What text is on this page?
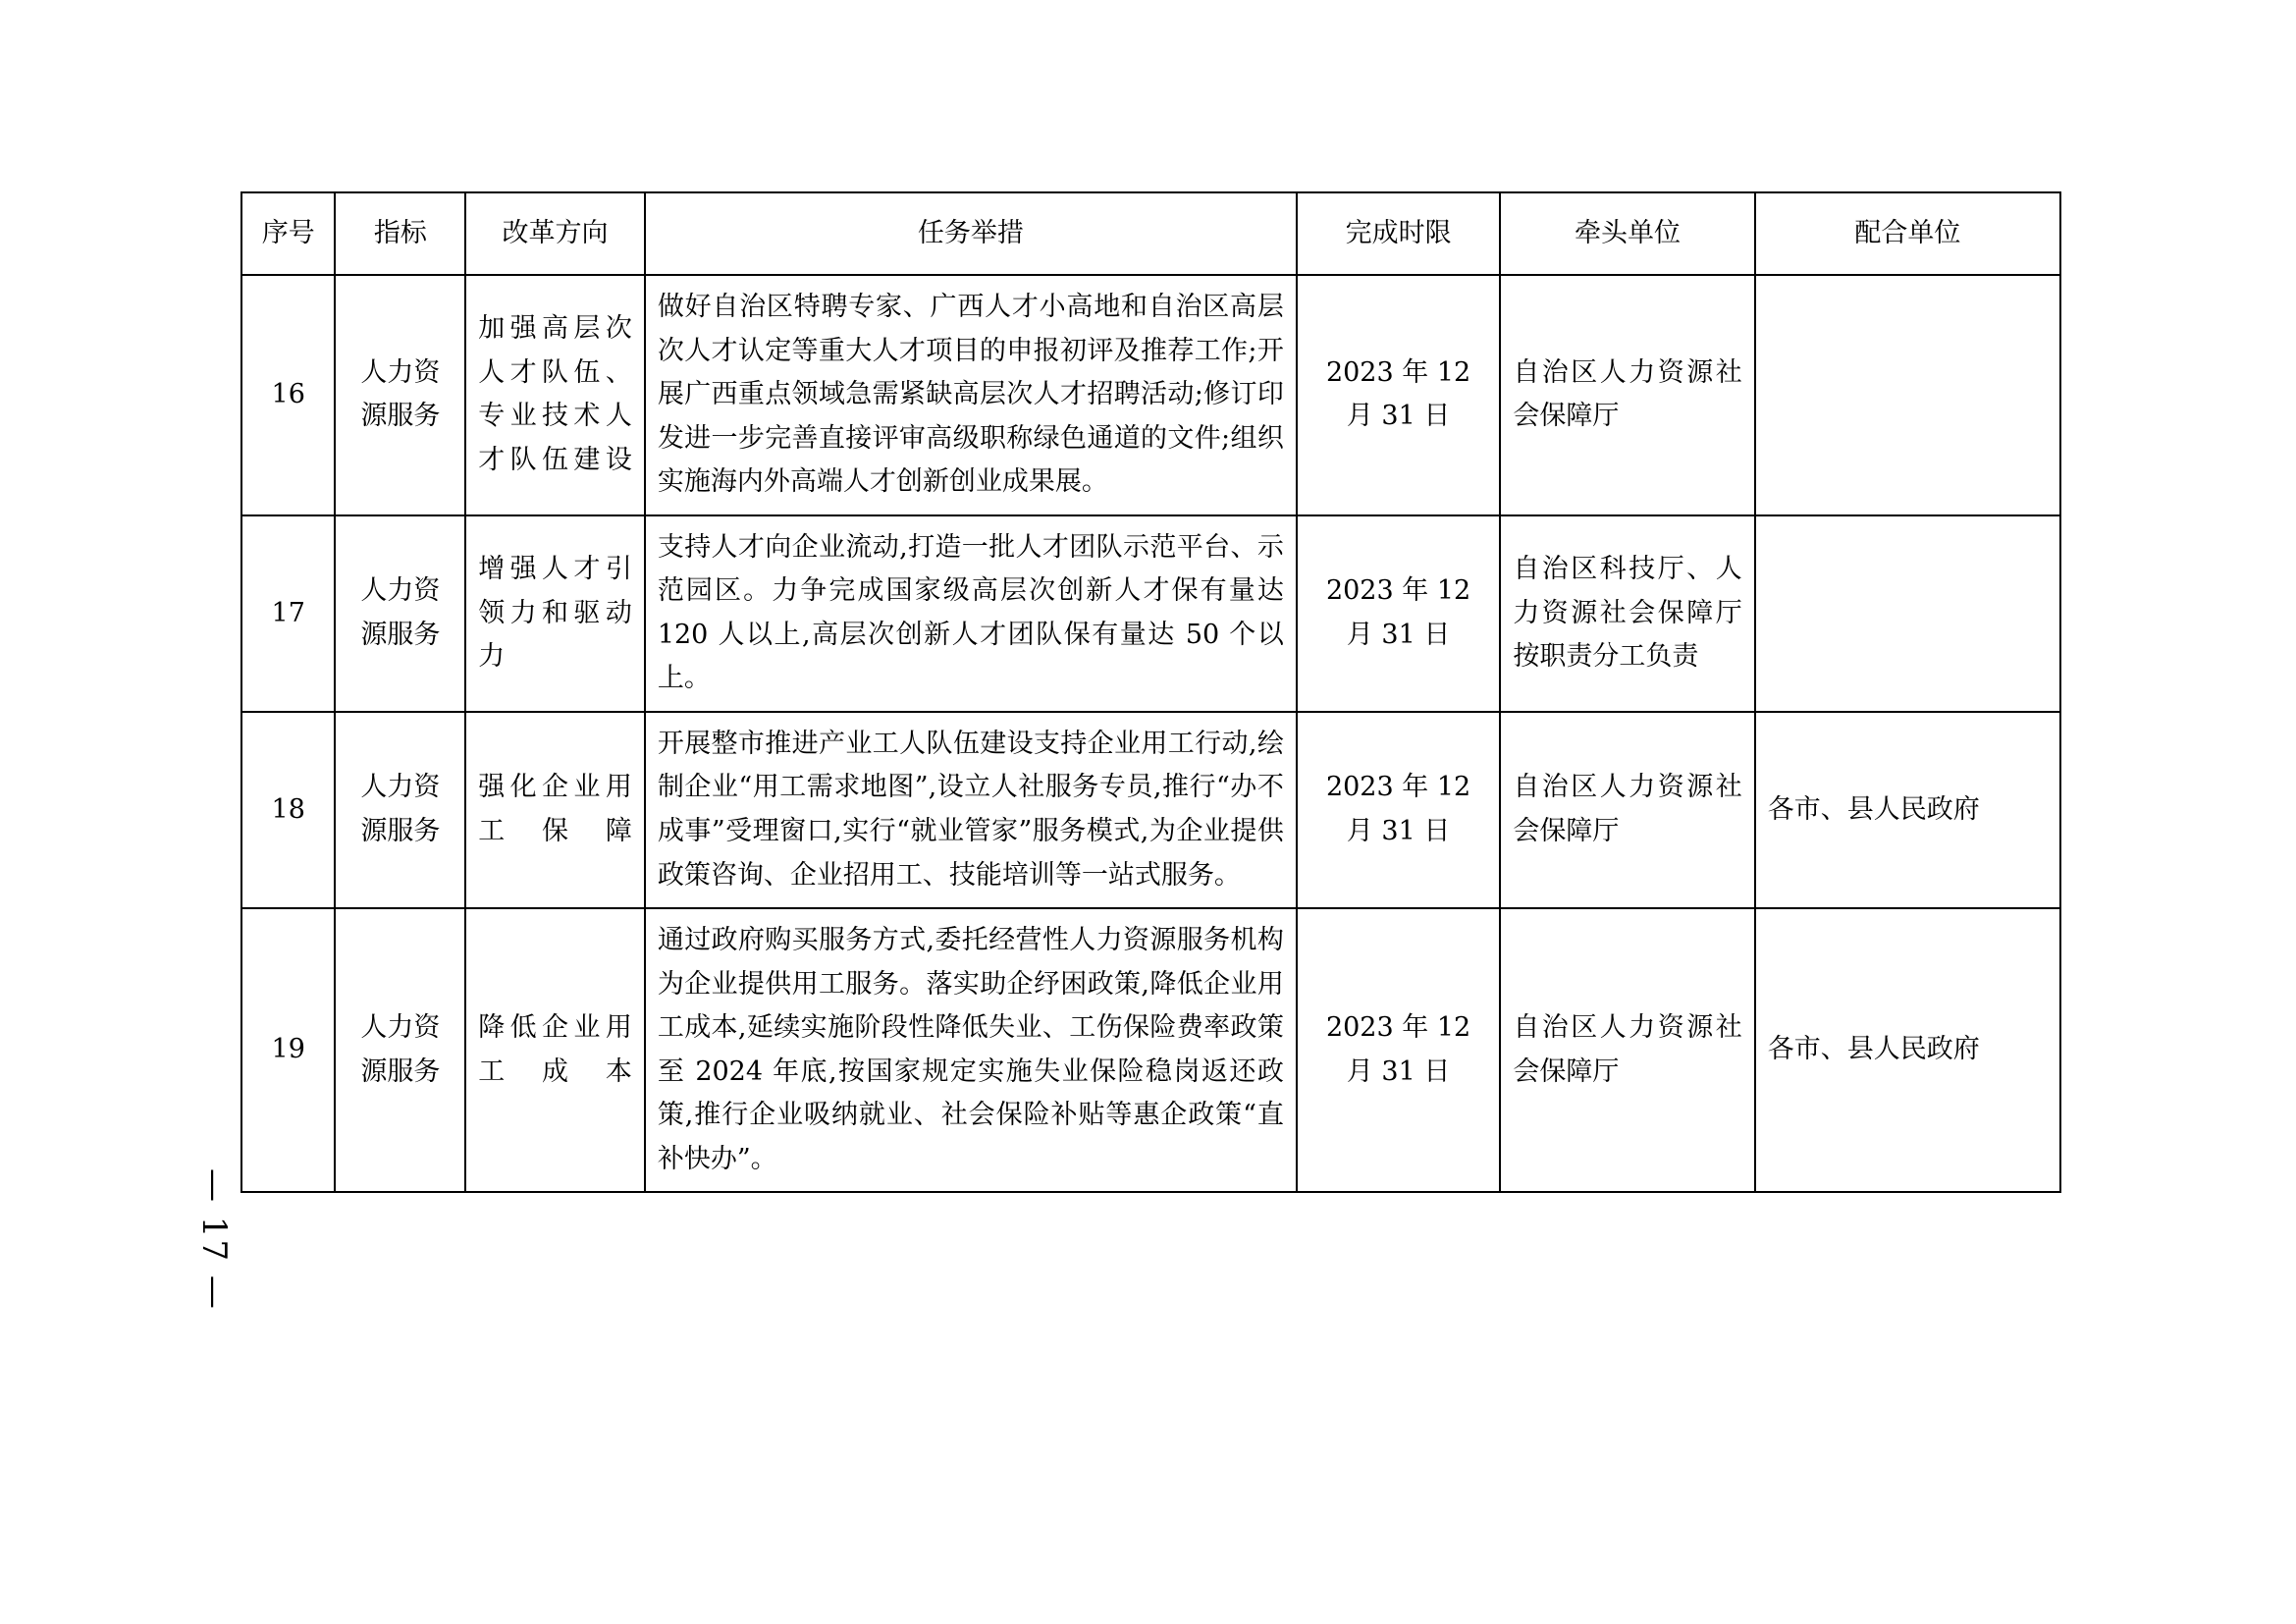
— 17 —
序号	指标	改革方向	任务举措	完成时限	牵头单位	配合单位
16	人力资源服务	加强高层次人才队伍、专业技术人才队伍建设	做好自治区特聘专家、广西人才小高地和自治区高层次人才认定等重大人才项目的申报初评及推荐工作;开展广西重点领域急需紧缺高层次人才招聘活动;修订印发进一步完善直接评审高级职称绿色通道的文件;组织实施海内外高端人才创新创业成果展。	2023 年 12 月 31 日	自治区人力资源社会保障厅	
17	人力资源服务	增强人才引领力和驱动力	支持人才向企业流动,打造一批人才团队示范平台、示范园区。力争完成国家级高层次创新人才保有量达 120 人以上,高层次创新人才团队保有量达 50 个以上。	2023 年 12 月 31 日	自治区科技厅、人力资源社会保障厅按职责分工负责	
18	人力资源服务	强化企业用工保障	开展整市推进产业工人队伍建设支持企业用工行动,绘制企业“用工需求地图”,设立人社服务专员,推行“办不成事”受理窗口,实行“就业管家”服务模式,为企业提供政策咨询、企业招用工、技能培训等一站式服务。	2023 年 12 月 31 日	自治区人力资源社会保障厅	各市、县人民政府
19	人力资源服务	降低企业用工成本	通过政府购买服务方式,委托经营性人力资源服务机构为企业提供用工服务。落实助企纾困政策,降低企业用工成本,延续实施阶段性降低失业、工伤保险费率政策至 2024 年底,按国家规定实施失业保险稳岗返还政策,推行企业吸纳就业、社会保险补贴等惠企政策“直补快办”。	2023 年 12 月 31 日	自治区人力资源社会保障厅	各市、县人民政府
